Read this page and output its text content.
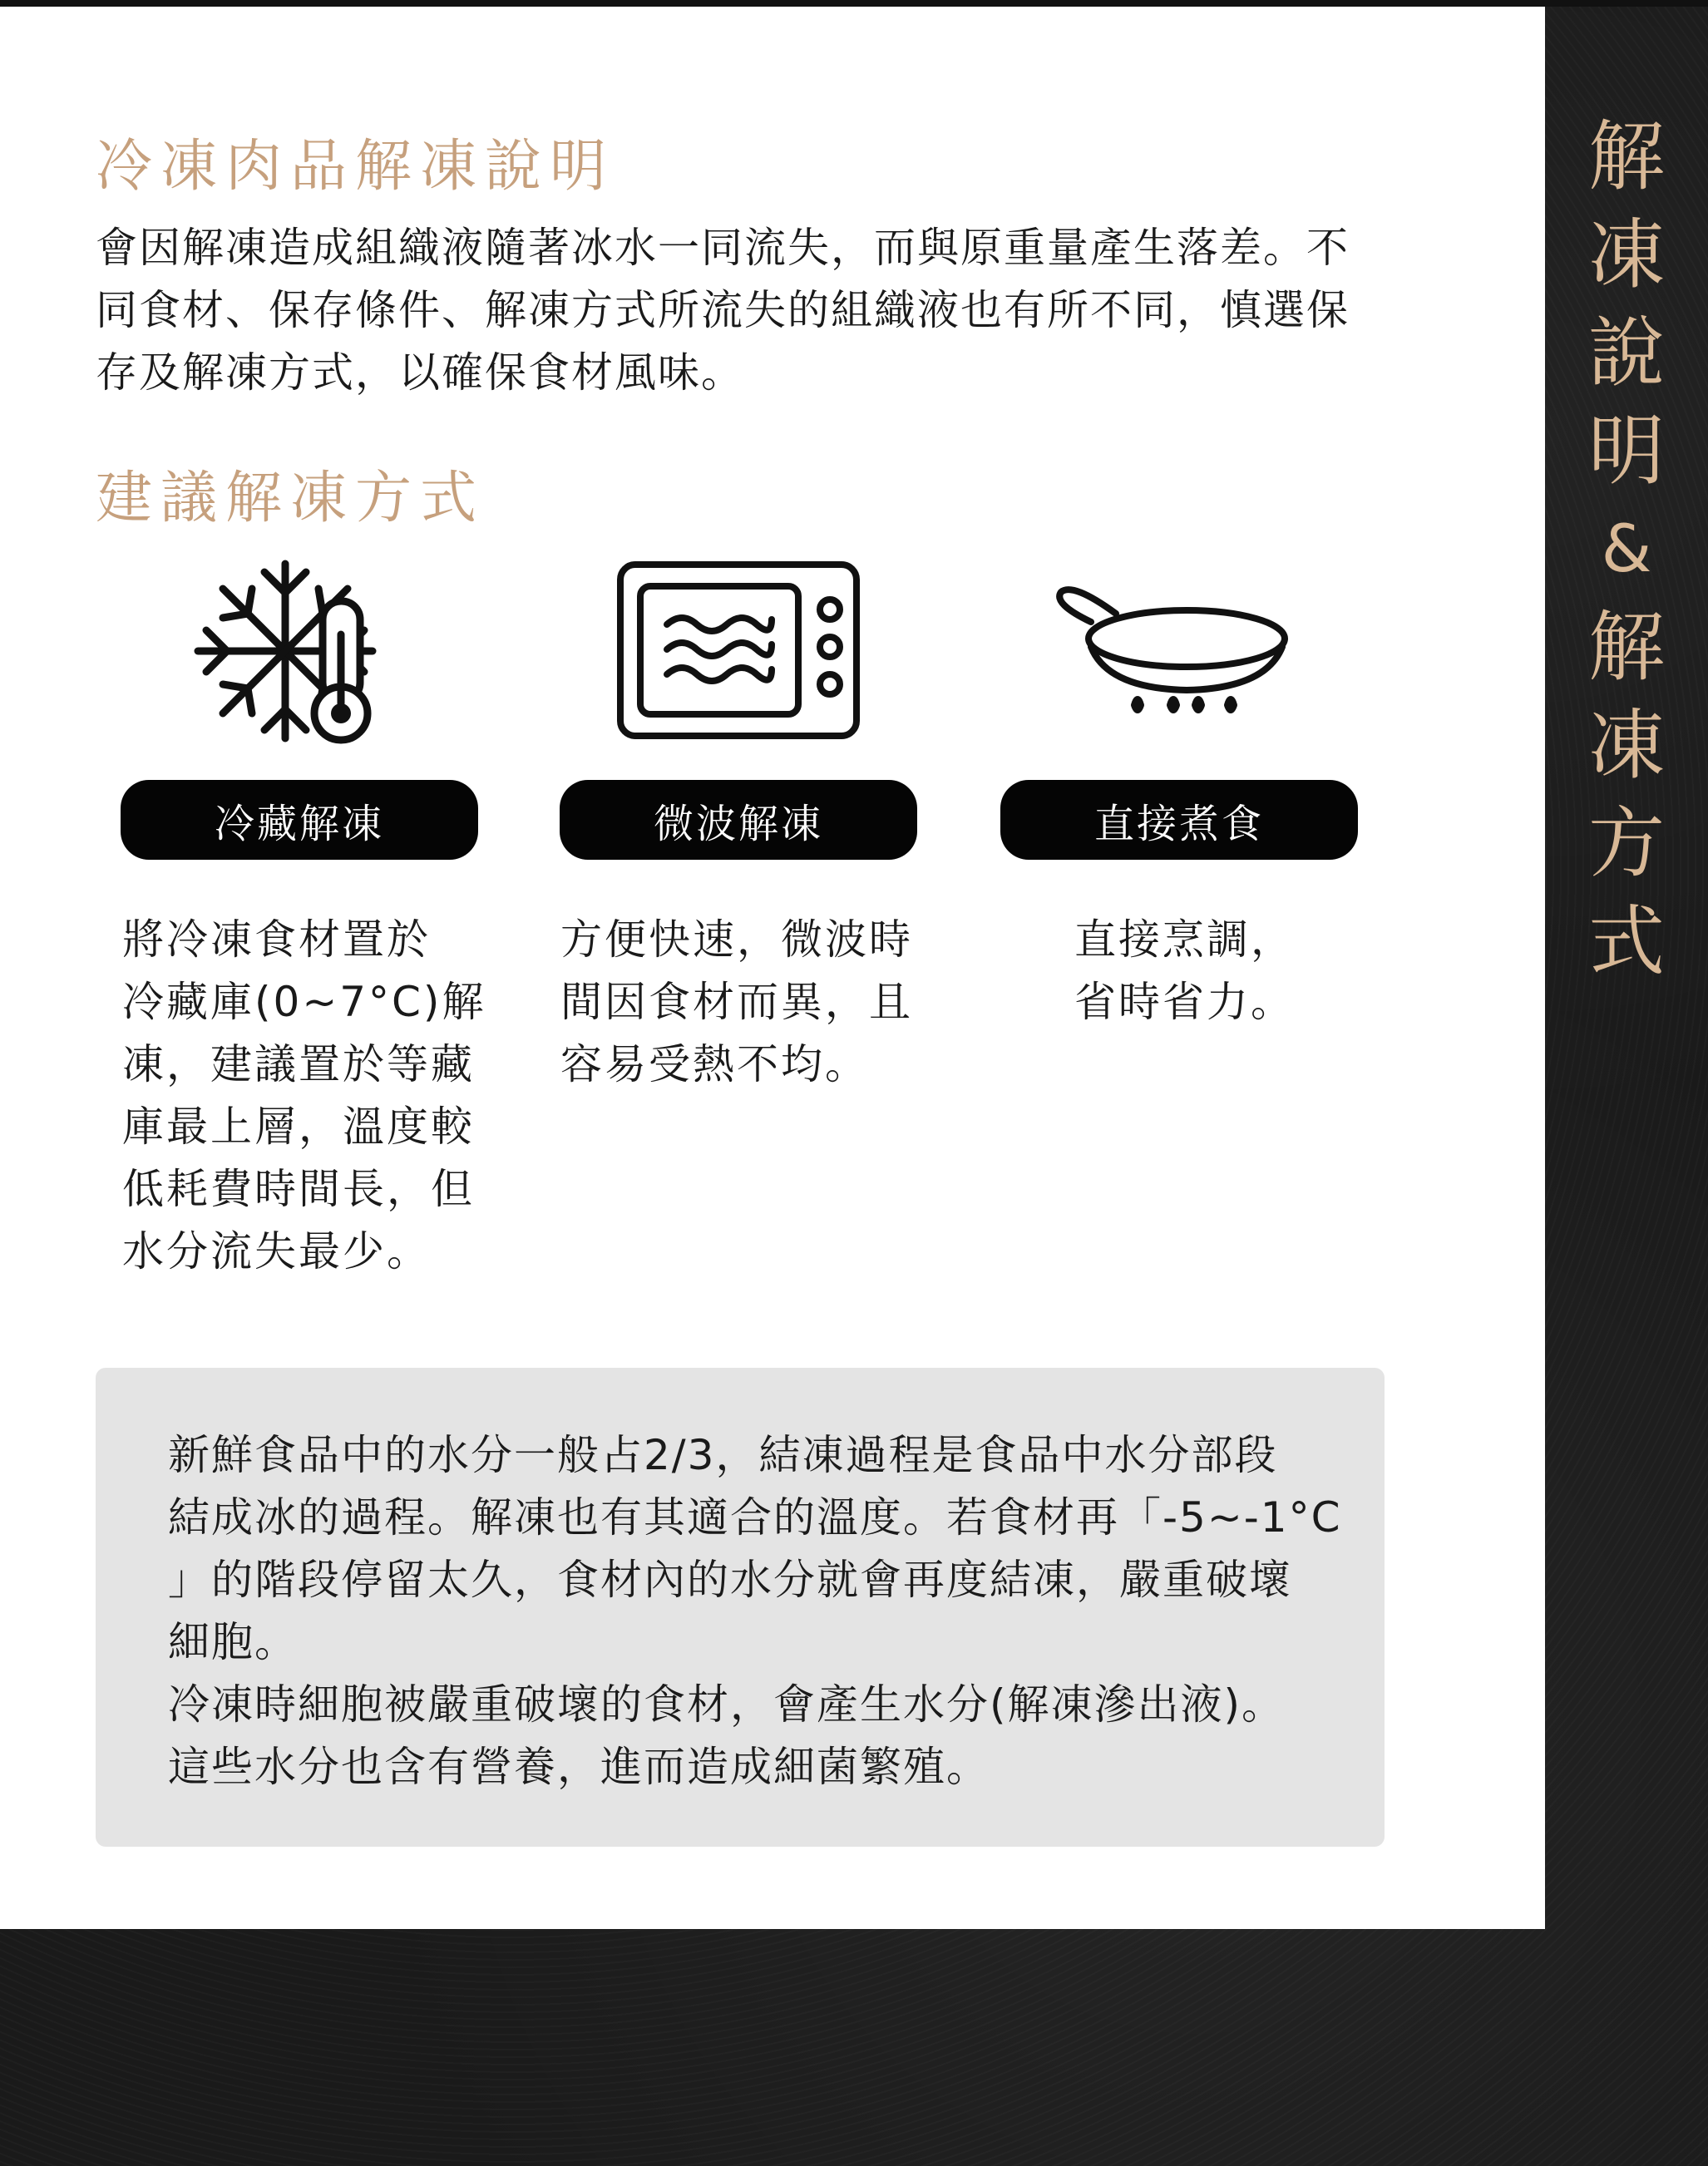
解
凍
說
明
&
解
凍
方
式
冷凍肉品解凍說明

會因解凍造成組織液隨著冰水一同流失，而與原重量產生落差。不
同食材、保存條件、解凍方式所流失的組織液也有所不同，慎選保
存及解凍方式，以確保食材風味。

建議解凍方式
冷藏解凍	微波解凍	直接煮食

將冷凍食材置於
冷藏庫(0~7°C)解
凍，建議置於等藏
庫最上層，溫度較
低耗費時間長，但
水分流失最少。

方便快速，微波時
間因食材而異，且
容易受熱不均。

直接烹調，
省時省力。

新鮮食品中的水分一般占2/3，結凍過程是食品中水分部段
結成冰的過程。解凍也有其適合的溫度。若食材再「-5~-1°C
」的階段停留太久，食材內的水分就會再度結凍，嚴重破壞
細胞。
冷凍時細胞被嚴重破壞的食材，會產生水分(解凍滲出液)。
這些水分也含有營養，進而造成細菌繁殖。
